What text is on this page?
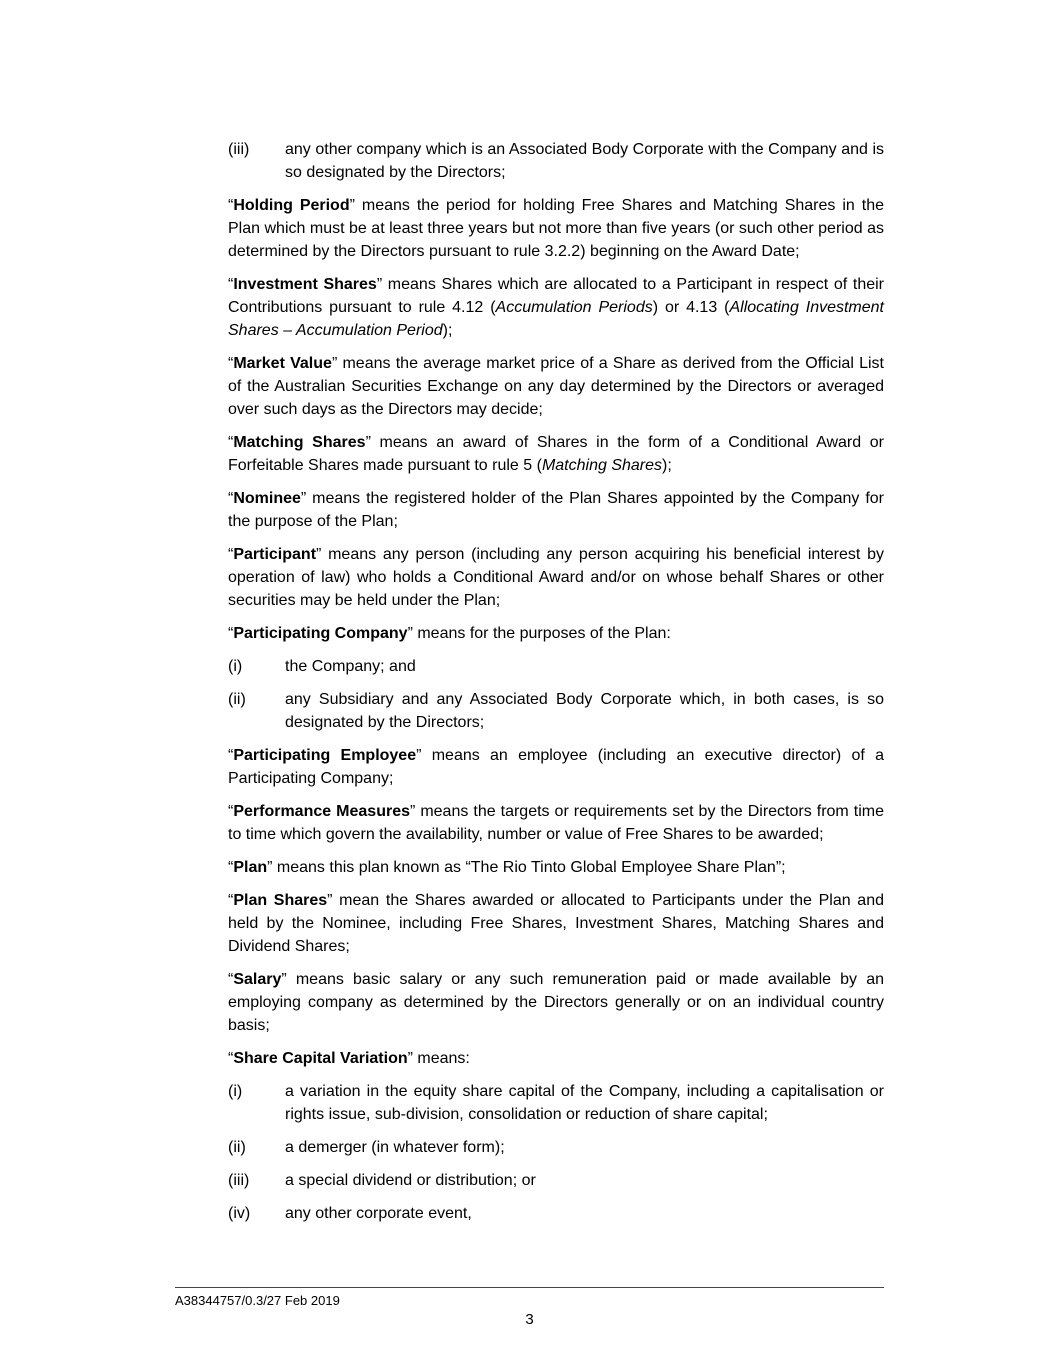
(iii) any other company which is an Associated Body Corporate with the Company and is so designated by the Directors;

“Holding Period” means the period for holding Free Shares and Matching Shares in the Plan which must be at least three years but not more than five years (or such other period as determined by the Directors pursuant to rule 3.2.2) beginning on the Award Date;

“Investment Shares” means Shares which are allocated to a Participant in respect of their Contributions pursuant to rule 4.12 (Accumulation Periods) or 4.13 (Allocating Investment Shares – Accumulation Period);

“Market Value” means the average market price of a Share as derived from the Official List of the Australian Securities Exchange on any day determined by the Directors or averaged over such days as the Directors may decide;

“Matching Shares” means an award of Shares in the form of a Conditional Award or Forfeitable Shares made pursuant to rule 5 (Matching Shares);

“Nominee” means the registered holder of the Plan Shares appointed by the Company for the purpose of the Plan;

“Participant” means any person (including any person acquiring his beneficial interest by operation of law) who holds a Conditional Award and/or on whose behalf Shares or other securities may be held under the Plan;

“Participating Company” means for the purposes of the Plan:

(i)	the Company; and
(ii) any Subsidiary and any Associated Body Corporate which, in both cases, is so designated by the Directors;

“Participating Employee” means an employee (including an executive director) of a Participating Company;

“Performance Measures” means the targets or requirements set by the Directors from time to time which govern the availability, number or value of Free Shares to be awarded;

“Plan” means this plan known as “The Rio Tinto Global Employee Share Plan”;

“Plan Shares” mean the Shares awarded or allocated to Participants under the Plan and held by the Nominee, including Free Shares, Investment Shares, Matching Shares and Dividend Shares;

“Salary” means basic salary or any such remuneration paid or made available by an employing company as determined by the Directors generally or on an individual country basis;

“Share Capital Variation” means:

(i)	a variation in the equity share capital of the Company, including a capitalisation or rights issue, sub-division, consolidation or reduction of share capital;
(ii) a demerger (in whatever form);
(iii) a special dividend or distribution; or
(iv) any other corporate event,
A38344757/0.3/27 Feb 2019
3
